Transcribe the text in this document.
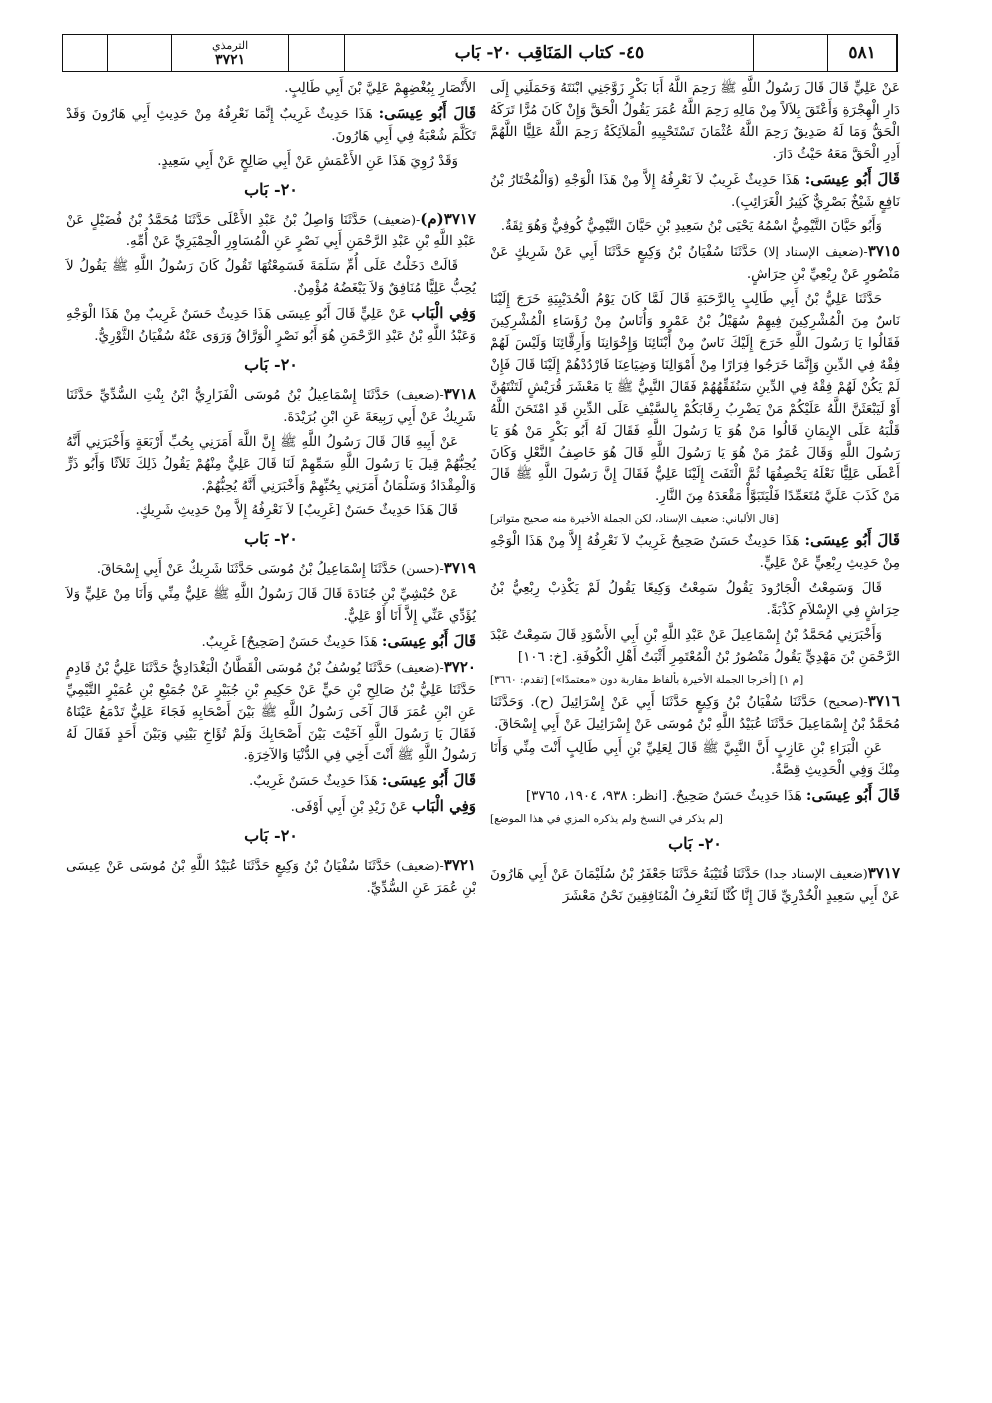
الترمذي
٣٧٢١	٤٥- كتاب المَنَاقِب ٢٠- بَاب	٥٨١

عَنْ عَلِيٍّ قَالَ قَالَ رَسُولُ اللَّهِ ﷺ رَحِمَ اللَّهُ أَبَا بَكْرٍ زَوَّجَنِي ابْنَتَهُ وَحَمَلَنِي إِلَى دَارِ الْهِجْرَةِ وَأَعْتَقَ بِلاَلاً مِنْ مَالِهِ رَحِمَ اللَّهُ عُمَرَ يَقُولُ الْحَقَّ وَإِنْ كَانَ مُرًّا تَرَكَهُ الْحَقُّ وَمَا لَهُ صَدِيقٌ رَحِمَ اللَّهُ عُثْمَانَ تَسْتَحْيِيهِ الْمَلاَئِكَةُ رَحِمَ اللَّهُ عَلِيًّا اللَّهُمَّ أَدِرِ الْحَقَّ مَعَهُ حَيْثُ دَارَ.

قَالَ أَبُو عِيسَى: هَذَا حَدِيثٌ غَرِيبٌ لاَ نَعْرِفُهُ إِلاَّ مِنْ هَذَا الْوَجْهِ (وَالْمُخْتَارُ بْنُ نَافِعٍ شَيْخٌ بَصْرِيٌّ كَثِيرُ الْغَرَائِبِ).

وَأَبُو حَيَّانَ التَّيْمِيُّ اسْمُهُ يَحْيَى بْنُ سَعِيدِ بْنِ حَيَّانَ التَّيْمِيُّ كُوفِيٌّ وَهُوَ ثِقَةٌ.

٣٧١٥-(ضعيف الإسناد إلا) حَدَّثَنَا سُفْيَانُ بْنُ وَكِيعٍ حَدَّثَنَا أَبِي عَنْ شَرِيكٍ عَنْ مَنْصُورٍ عَنْ رِبْعِيِّ بْنِ حِرَاشٍ.

حَدَّثَنَا عَلِيُّ بْنُ أَبِي طَالِبٍ بِالرَّحَبَةِ قَالَ لَمَّا كَانَ يَوْمُ الْحُدَيْبِيَةِ خَرَجَ إِلَيْنَا نَاسٌ مِنَ الْمُشْرِكِينَ فِيهِمْ سُهَيْلُ بْنُ عَمْرٍو وَأُنَاسٌ مِنْ رُؤَسَاءِ الْمُشْرِكِينَ فَقَالُوا يَا رَسُولَ اللَّهِ خَرَجَ إِلَيْكَ نَاسٌ مِنْ أَبْنَائِنَا وَإِخْوَانِنَا وَأَرِقَّائِنَا وَلَيْسَ لَهُمْ فِقْهٌ فِي الدِّينِ وَإِنَّمَا خَرَجُوا فِرَارًا مِنْ أَمْوَالِنَا وَضِيَاعِنَا فَارْدُدْهُمْ إِلَيْنَا قَالَ فَإِنْ لَمْ يَكُنْ لَهُمْ فِقْهٌ فِي الدِّينِ سَنُفَقِّهُهُمْ فَقَالَ النَّبِيُّ ﷺ يَا مَعْشَرَ قُرَيْشٍ لَتَنْتَهُنَّ أَوْ لَيَبْعَثَنَّ اللَّهُ عَلَيْكُمْ مَنْ يَضْرِبُ رِقَابَكُمْ بِالسَّيْفِ عَلَى الدِّينِ قَدِ امْتَحَنَ اللَّهُ قَلْبَهُ عَلَى الإِيمَانِ قَالُوا مَنْ هُوَ يَا رَسُولَ اللَّهِ فَقَالَ لَهُ أَبُو بَكْرٍ مَنْ هُوَ يَا رَسُولَ اللَّهِ وَقَالَ عُمَرُ مَنْ هُوَ يَا رَسُولَ اللَّهِ قَالَ هُوَ خَاصِفُ النَّعْلِ وَكَانَ أَعْطَى عَلِيًّا نَعْلَهُ يَخْصِفُهَا ثُمَّ الْتَفَتَ إِلَيْنَا عَلِيٌّ فَقَالَ إِنَّ رَسُولَ اللَّهِ ﷺ قَالَ مَنْ كَذَبَ عَلَيَّ مُتَعَمِّدًا فَلْيَتَبَوَّأْ مَقْعَدَهُ مِنَ النَّارِ.

[قال الألباني: ضعيف الإسناد، لكن الجملة الأخيرة منه صحيح متواتر]

قَالَ أَبُو عِيسَى: هَذَا حَدِيثٌ حَسَنٌ صَحِيحٌ غَرِيبٌ لاَ نَعْرِفُهُ إِلاَّ مِنْ هَذَا الْوَجْهِ مِنْ حَدِيثِ رِبْعِيٍّ عَنْ عَلِيٍّ.

قَالَ وَسَمِعْتُ الْجَارُودَ يَقُولُ سَمِعْتُ وَكِيعًا يَقُولُ لَمْ يَكْذِبْ رِبْعِيُّ بْنُ حِرَاشٍ فِي الإِسْلاَمِ كَذْبَةً.

وَأَخْبَرَنِي مُحَمَّدُ بْنُ إِسْمَاعِيلَ عَنْ عَبْدِ اللَّهِ بْنِ أَبِي الأَسْوَدِ قَالَ سَمِعْتُ عَبْدَ الرَّحْمَنِ بْنَ مَهْدِيٍّ يَقُولُ مَنْصُورُ بْنُ الْمُعْتَمِرِ أَثْبَتُ أَهْلِ الْكُوفَةِ. [خ: ١٠٦]

[م ١] [أخرجا الجملة الأخيرة بألفاظ مقاربة دون «معتمدًا»] [تقدم: ٣٦٦٠]

٣٧١٦-(صحيح) حَدَّثَنَا سُفْيَانُ بْنُ وَكِيعٍ حَدَّثَنَا أَبِي عَنْ إِسْرَائِيلَ (ح). وَحَدَّثَنَا مُحَمَّدُ بْنُ إِسْمَاعِيلَ حَدَّثَنَا عُبَيْدُ اللَّهِ بْنُ مُوسَى عَنْ إِسْرَائِيلَ عَنْ أَبِي إِسْحَاقَ.

عَنِ الْبَرَاءِ بْنِ عَازِبٍ أَنَّ النَّبِيَّ ﷺ قَالَ لِعَلِيِّ بْنِ أَبِي طَالِبٍ أَنْتَ مِنِّي وَأَنَا مِنْكَ وَفِي الْحَدِيثِ قِصَّةٌ.

قَالَ أَبُو عِيسَى: هَذَا حَدِيثٌ حَسَنٌ صَحِيحٌ. [انظر: ٩٣٨، ١٩٠٤، ٣٧٦٥]

[لم يذكر في النسخ ولم يذكره المزي في هذا الموضع]

٢٠- بَاب

٣٧١٧(ضعيف الإسناد جدا) حَدَّثَنَا قُتَيْبَةُ حَدَّثَنَا جَعْفَرُ بْنُ سُلَيْمَانَ عَنْ أَبِي هَارُونَ عَنْ أَبِي سَعِيدٍ الْخُدْرِيِّ قَالَ إِنَّا كُنَّا لَنَعْرِفُ الْمُنَافِقِينَ نَحْنُ مَعْشَرَ

الأَنْصَارِ بِبُغْضِهِمْ عَلِيَّ بْنَ أَبِي طَالِبٍ.

قَالَ أَبُو عِيسَى: هَذَا حَدِيثٌ غَرِيبٌ إِنَّمَا نَعْرِفُهُ مِنْ حَدِيثِ أَبِي هَارُونَ وَقَدْ تَكَلَّمَ شُعْبَةُ فِي أَبِي هَارُونَ.

وَقَدْ رُوِيَ هَذَا عَنِ الأَعْمَشِ عَنْ أَبِي صَالِحٍ عَنْ أَبِي سَعِيدٍ.

٢٠- بَاب

٣٧١٧(م)-(ضعيف) حَدَّثَنَا وَاصِلُ بْنُ عَبْدِ الأَعْلَى حَدَّثَنَا مُحَمَّدُ بْنُ فُضَيْلٍ عَنْ عَبْدِ اللَّهِ بْنِ عَبْدِ الرَّحْمَنِ أَبِي نَصْرٍ عَنِ الْمُسَاوِرِ الْحِمْيَرِيِّ عَنْ أُمِّهِ.

قَالَتْ دَخَلْتُ عَلَى أُمِّ سَلَمَةَ فَسَمِعْتُهَا تَقُولُ كَانَ رَسُولُ اللَّهِ ﷺ يَقُولُ لاَ يُحِبُّ عَلِيًّا مُنَافِقٌ وَلاَ يَبْغَضُهُ مُؤْمِنٌ.

وَفِي الْبَاب عَنْ عَلِيٍّ قَالَ أَبُو عِيسَى هَذَا حَدِيثٌ حَسَنٌ غَرِيبٌ مِنْ هَذَا الْوَجْهِ وَعَبْدُ اللَّهِ بْنُ عَبْدِ الرَّحْمَنِ هُوَ أَبُو نَصْرٍ الْوَرَّاقُ وَرَوَى عَنْهُ سُفْيَانُ الثَّوْرِيُّ.

٢٠- بَاب

٣٧١٨-(ضعيف) حَدَّثَنَا إِسْمَاعِيلُ بْنُ مُوسَى الْفَزَارِيُّ ابْنُ بِنْتِ السُّدِّيِّ حَدَّثَنَا شَرِيكٌ عَنْ أَبِي رَبِيعَةَ عَنِ ابْنِ بُرَيْدَةَ.

عَنْ أَبِيهِ قَالَ قَالَ رَسُولُ اللَّهِ ﷺ إِنَّ اللَّهَ أَمَرَنِي بِحُبِّ أَرْبَعَةٍ وَأَخْبَرَنِي أَنَّهُ يُحِبُّهُمْ قِيلَ يَا رَسُولَ اللَّهِ سَمِّهِمْ لَنَا قَالَ عَلِيٌّ مِنْهُمْ يَقُولُ ذَلِكَ ثَلاَثًا وَأَبُو ذَرٍّ وَالْمِقْدَادُ وَسَلْمَانُ أَمَرَنِي بِحُبِّهِمْ وَأَخْبَرَنِي أَنَّهُ يُحِبُّهُمْ.

قَالَ هَذَا حَدِيثٌ حَسَنٌ [غَرِيبٌ] لاَ نَعْرِفُهُ إِلاَّ مِنْ حَدِيثِ شَرِيكٍ.

٢٠- بَاب

٣٧١٩-(حسن) حَدَّثَنَا إِسْمَاعِيلُ بْنُ مُوسَى حَدَّثَنَا شَرِيكٌ عَنْ أَبِي إِسْحَاقَ.

عَنْ حُبْشِيِّ بْنِ جُنَادَةَ قَالَ قَالَ رَسُولُ اللَّهِ ﷺ عَلِيٌّ مِنِّي وَأَنَا مِنْ عَلِيٍّ وَلاَ يُؤَدِّي عَنِّي إِلاَّ أَنَا أَوْ عَلِيٌّ.

قَالَ أَبُو عِيسَى: هَذَا حَدِيثٌ حَسَنٌ [صَحِيحٌ] غَرِيبٌ.

٣٧٢٠-(ضعيف) حَدَّثَنَا يُوسُفُ بْنُ مُوسَى الْقَطَّانُ الْبَغْدَادِيُّ حَدَّثَنَا عَلِيُّ بْنُ قَادِمٍ حَدَّثَنَا عَلِيُّ بْنُ صَالِحِ بْنِ حَيٍّ عَنْ حَكِيمِ بْنِ جُبَيْرٍ عَنْ جُمَيْعِ بْنِ عُمَيْرٍ التَّيْمِيِّ عَنِ ابْنِ عُمَرَ قَالَ آخَى رَسُولُ اللَّهِ ﷺ بَيْنَ أَصْحَابِهِ فَجَاءَ عَلِيٌّ تَدْمَعُ عَيْنَاهُ فَقَالَ يَا رَسُولَ اللَّهِ آخَيْتَ بَيْنَ أَصْحَابِكَ وَلَمْ تُؤَاخِ بَيْنِي وَبَيْنَ أَحَدٍ فَقَالَ لَهُ رَسُولُ اللَّهِ ﷺ أَنْتَ أَخِي فِي الدُّنْيَا وَالآخِرَةِ.

قَالَ أَبُو عِيسَى: هَذَا حَدِيثٌ حَسَنٌ غَرِيبٌ.

وَفِي الْبَاب عَنْ زَيْدِ بْنِ أَبِي أَوْفَى.

٢٠- بَاب

٣٧٢١-(ضعيف) حَدَّثَنَا سُفْيَانُ بْنُ وَكِيعٍ حَدَّثَنَا عُبَيْدُ اللَّهِ بْنُ مُوسَى عَنْ عِيسَى بْنِ عُمَرَ عَنِ السُّدِّيِّ.
